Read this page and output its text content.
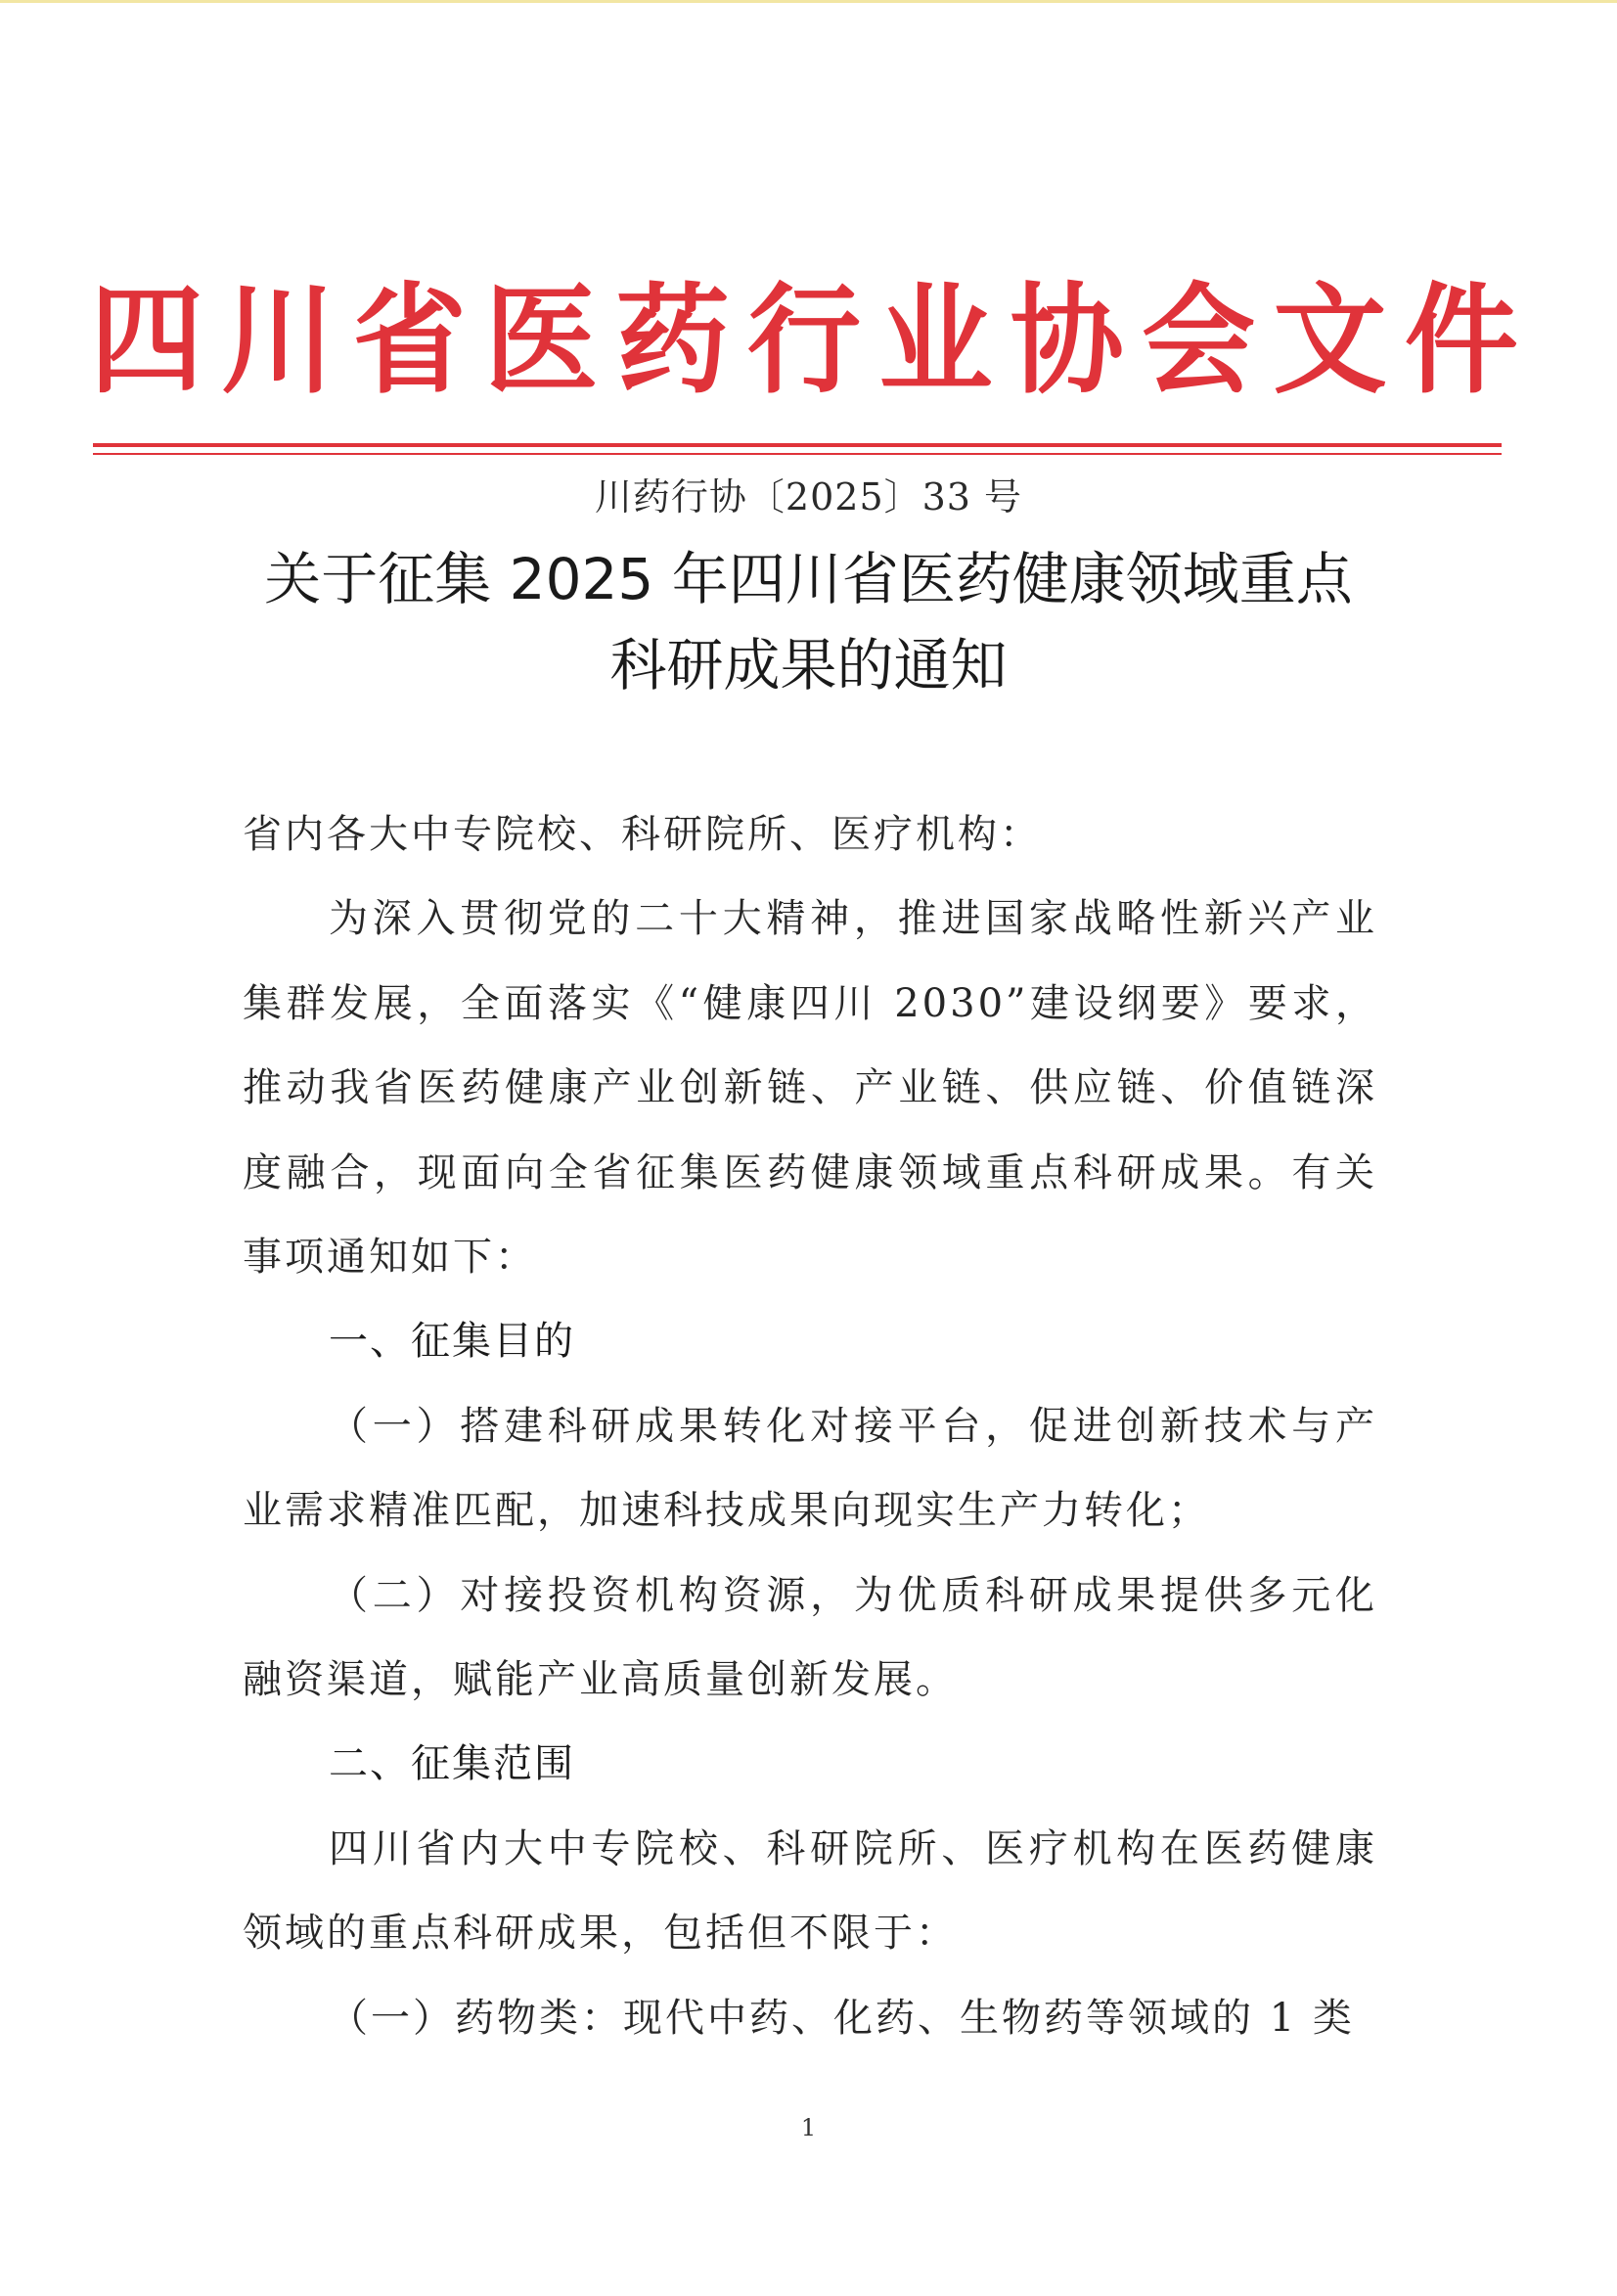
四 川 省 医 药 行 业 协 会 文 件
川药行协〔2025〕33 号
关于征集 2025 年四川省医药健康领域重点
科研成果的通知

省内各大中专院校、科研院所、医疗机构：

为深入贯彻党的二十大精神，推进国家战略性新兴产业集群发展，全面落实《“健康四川 2030”建设纲要》要求，推动我省医药健康产业创新链、产业链、供应链、价值链深度融合，现面向全省征集医药健康领域重点科研成果。有关事项通知如下：

一、征集目的

（一）搭建科研成果转化对接平台，促进创新技术与产业需求精准匹配，加速科技成果向现实生产力转化；

（二）对接投资机构资源，为优质科研成果提供多元化融资渠道，赋能产业高质量创新发展。

二、征集范围

四川省内大中专院校、科研院所、医疗机构在医药健康领域的重点科研成果，包括但不限于：

（一）药物类：现代中药、化药、生物药等领域的 1 类

1
